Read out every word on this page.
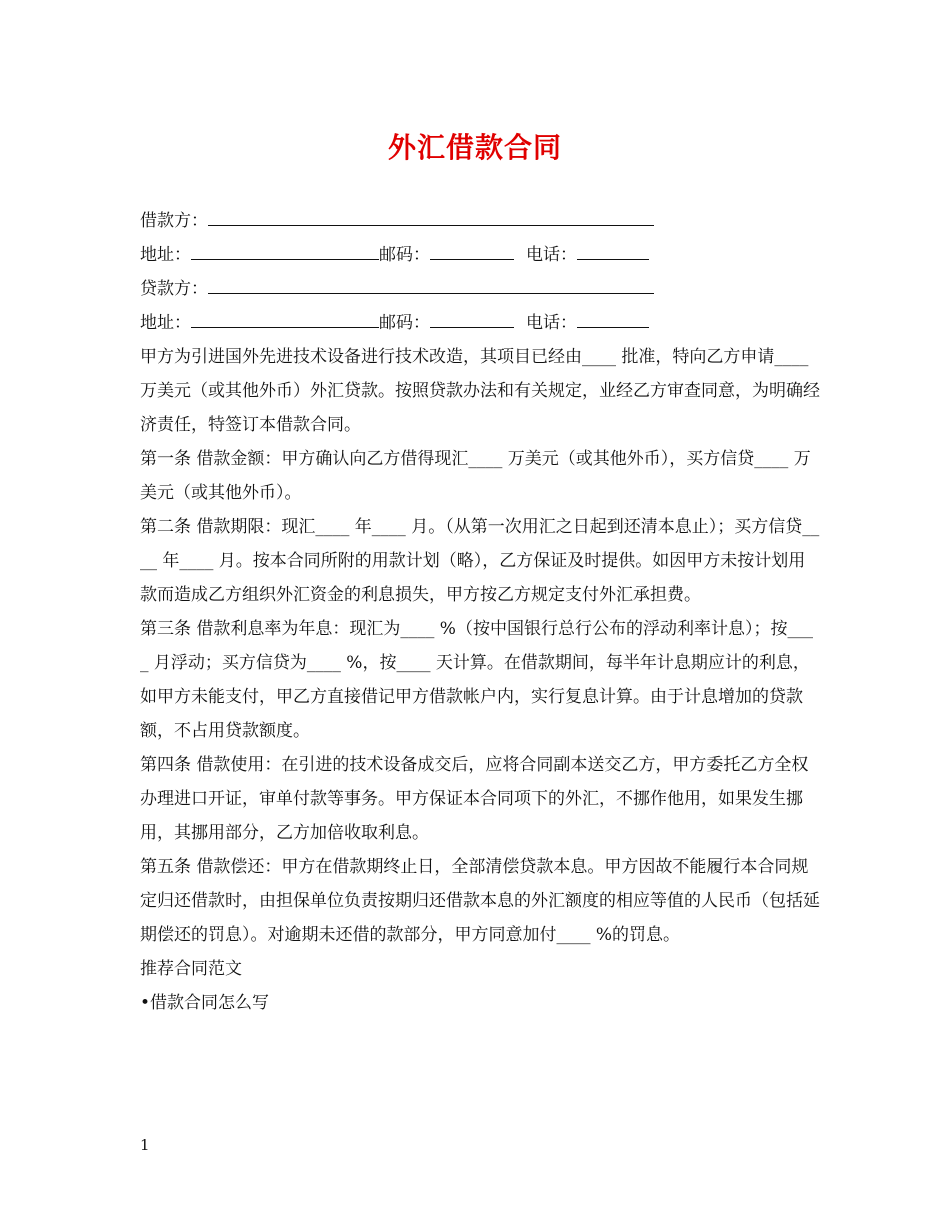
外汇借款合同
借款方：
地址：	邮码：	电话：
贷款方：
地址：	邮码：	电话：
甲方为引进国外先进技术设备进行技术改造，其项目已经由____ 批准，特向乙方申请____ 万美元（或其他外币）外汇贷款。按照贷款办法和有关规定，业经乙方审查同意，为明确经济责任，特签订本借款合同。
第一条 借款金额：甲方确认向乙方借得现汇____ 万美元（或其他外币），买方信贷____ 万美元（或其他外币）。
第二条 借款期限：现汇____ 年____ 月。（从第一次用汇之日起到还清本息止）；买方信贷____ 年____ 月。按本合同所附的用款计划（略），乙方保证及时提供。如因甲方未按计划用款而造成乙方组织外汇资金的利息损失，甲方按乙方规定支付外汇承担费。
第三条 借款利息率为年息：现汇为____ %（按中国银行总行公布的浮动利率计息）；按____ 月浮动；买方信贷为____ %，按____ 天计算。在借款期间，每半年计息期应计的利息，如甲方未能支付，甲乙方直接借记甲方借款帐户内，实行复息计算。由于计息增加的贷款额，不占用贷款额度。
第四条 借款使用：在引进的技术设备成交后，应将合同副本送交乙方，甲方委托乙方全权办理进口开证，审单付款等事务。甲方保证本合同项下的外汇，不挪作他用，如果发生挪用，其挪用部分，乙方加倍收取利息。
第五条 借款偿还：甲方在借款期终止日，全部清偿贷款本息。甲方因故不能履行本合同规定归还借款时，由担保单位负责按期归还借款本息的外汇额度的相应等值的人民币（包括延期偿还的罚息）。对逾期未还借的款部分，甲方同意加付____ %的罚息。
推荐合同范文
•借款合同怎么写
1
